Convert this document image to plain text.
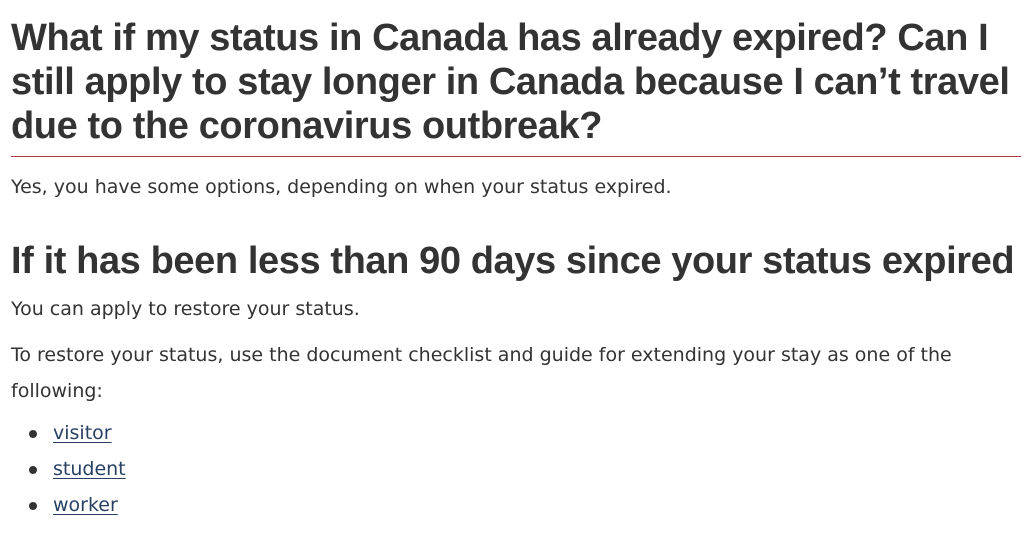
What if my status in Canada has already expired? Can I still apply to stay longer in Canada because I can’t travel due to the coronavirus outbreak?

Yes, you have some options, depending on when your status expired.

If it has been less than 90 days since your status expired

You can apply to restore your status.

To restore your status, use the document checklist and guide for extending your stay as one of the following:

visitor
student
worker
